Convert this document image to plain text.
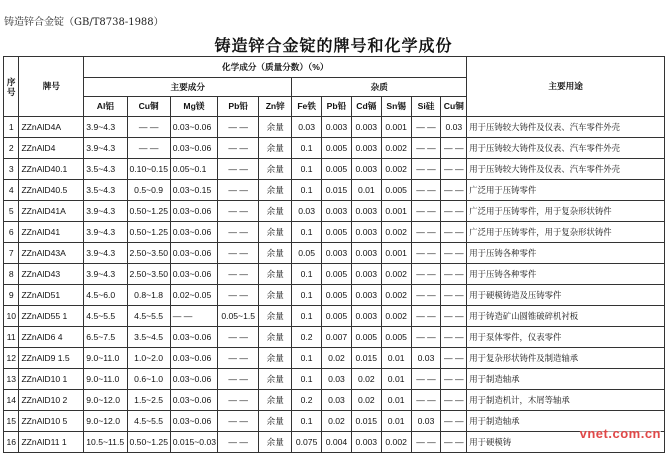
铸造锌合金锭（GB/T8738-1988）
铸造锌合金锭的牌号和化学成份
序号	牌号	化学成分（质量分数）（%）											主要用途
		主要成分					杂质						
		Al铝	Cu铜	Mg镁	Pb铅	Zn锌	Fe铁	Pb铅	Cd镉	Sn锡	Si硅	Cu铜	
1	ZZnAlD4A	3.9~4.3	— —	0.03~0.06	— —	余量	0.03	0.003	0.003	0.001	— —	0.03	用于压铸较大铸件及仪表、汽车零件外壳
2	ZZnAlD4	3.9~4.3	— —	0.03~0.06	— —	余量	0.1	0.005	0.003	0.002	— —	— —	用于压铸较大铸件及仪表、汽车零件外壳
3	ZZnAlD40.1	3.5~4.3	0.10~0.15	0.05~0.1	— —	余量	0.1	0.005	0.003	0.002	— —	— —	用于压铸较大铸件及仪表、汽车零件外壳
4	ZZnAlD40.5	3.5~4.3	0.5~0.9	0.03~0.15	— —	余量	0.1	0.015	0.01	0.005	— —	— —	广泛用于压铸零件
5	ZZnAlD41A	3.9~4.3	0.50~1.25	0.03~0.06	— —	余量	0.03	0.003	0.003	0.001	— —	— —	广泛用于压铸零件，用于复杂形状铸件
6	ZZnAlD41	3.9~4.3	0.50~1.25	0.03~0.06	— —	余量	0.1	0.005	0.003	0.002	— —	— —	广泛用于压铸零件，用于复杂形状铸件
7	ZZnAlD43A	3.9~4.3	2.50~3.50	0.03~0.06	— —	余量	0.05	0.003	0.003	0.001	— —	— —	用于压铸各种零件
8	ZZnAlD43	3.9~4.3	2.50~3.50	0.03~0.06	— —	余量	0.1	0.005	0.003	0.002	— —	— —	用于压铸各种零件
9	ZZnAlD51	4.5~6.0	0.8~1.8	0.02~0.05	— —	余量	0.1	0.005	0.003	0.002	— —	— —	用于硬模铸造及压铸零件
10	ZZnAlD55 1	4.5~5.5	4.5~5.5	— —	0.05~1.5	余量	0.1	0.005	0.003	0.002	— —	— —	用于铸造矿山圆锥破碎机衬板
11	ZZnAlD6 4	6.5~7.5	3.5~4.5	0.03~0.06	— —	余量	0.2	0.007	0.005	0.005	— —	— —	用于泵体零件，仪表零件
12	ZZnAlD9 1.5	9.0~11.0	1.0~2.0	0.03~0.06	— —	余量	0.1	0.02	0.015	0.01	0.03	— —	用于复杂形状铸件及制造轴承
13	ZZnAlD10 1	9.0~11.0	0.6~1.0	0.03~0.06	— —	余量	0.1	0.03	0.02	0.01	— —	— —	用于制造轴承
14	ZZnAlD10 2	9.0~12.0	1.5~2.5	0.03~0.06	— —	余量	0.2	0.03	0.02	0.01	— —	— —	用于制造机计，木屑等轴承
15	ZZnAlD10 5	9.0~12.0	4.5~5.5	0.03~0.06	— —	余量	0.1	0.02	0.015	0.01	0.03	— —	用于制造轴承
16	ZZnAlD11 1	10.5~11.5	0.50~1.25	0.015~0.03	— —	余量	0.075	0.004	0.003	0.002	— —	— —	用于硬模铸
vnet.com.cn
